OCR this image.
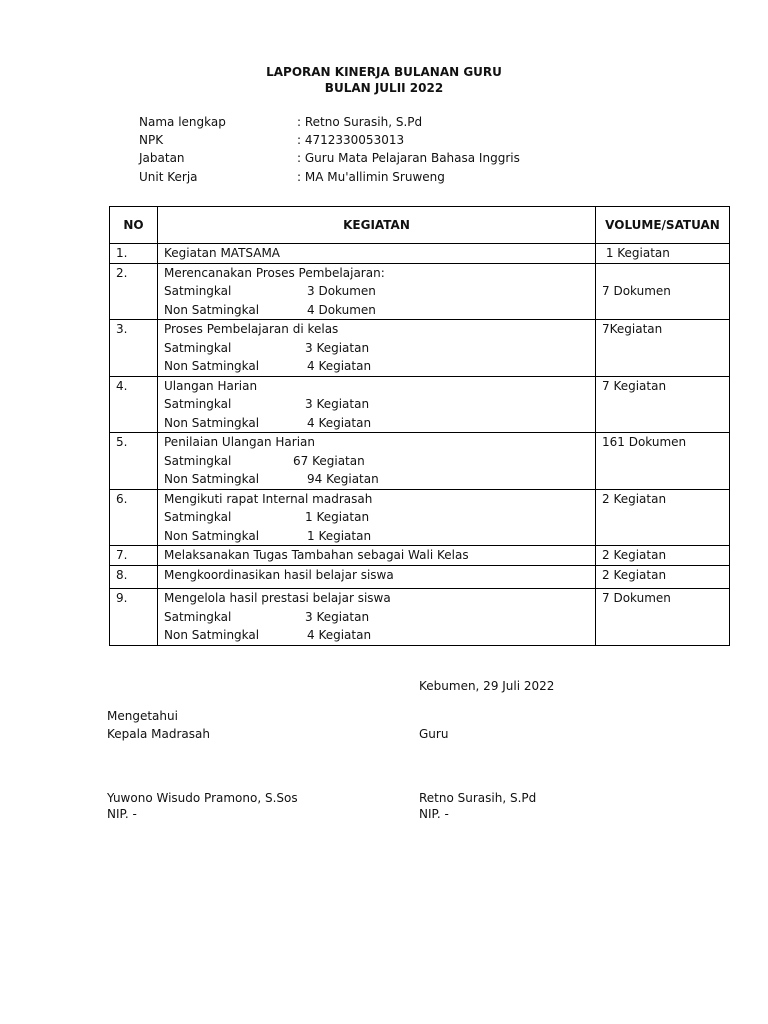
LAPORAN KINERJA BULANAN GURU
BULAN JULII 2022
Nama lengkap	: Retno Surasih, S.Pd
NPK	: 4712330053013
Jabatan	: Guru Mata Pelajaran Bahasa Inggris
Unit Kerja	: MA Mu'allimin Sruweng
NO	KEGIATAN	VOLUME/SATUAN
1.	Kegiatan MATSAMA	1 Kegiatan
2.	Merencanakan Proses Pembelajaran:
Satmingkal 3 Dokumen
Non Satmingkal 4 Dokumen	7 Dokumen
3.	Proses Pembelajaran di kelas
Satmingkal 3 Kegiatan
Non Satmingkal 4 Kegiatan	7Kegiatan
4.	Ulangan Harian
Satmingkal 3 Kegiatan
Non Satmingkal 4 Kegiatan	7 Kegiatan
5.	Penilaian Ulangan Harian
Satmingkal 67 Kegiatan
Non Satmingkal 94 Kegiatan	161 Dokumen
6.	Mengikuti rapat Internal madrasah
Satmingkal 1 Kegiatan
Non Satmingkal 1 Kegiatan	2 Kegiatan
7.	Melaksanakan Tugas Tambahan sebagai Wali Kelas	2 Kegiatan
8.	Mengkoordinasikan hasil belajar siswa	2 Kegiatan
9.	Mengelola hasil prestasi belajar siswa
Satmingkal 3 Kegiatan
Non Satmingkal 4 Kegiatan	7 Dokumen
Kebumen, 29 Juli 2022
Mengetahui
Kepala Madrasah	Guru
Yuwono Wisudo Pramono, S.Sos
NIP. -
Retno Surasih, S.Pd
NIP. -
